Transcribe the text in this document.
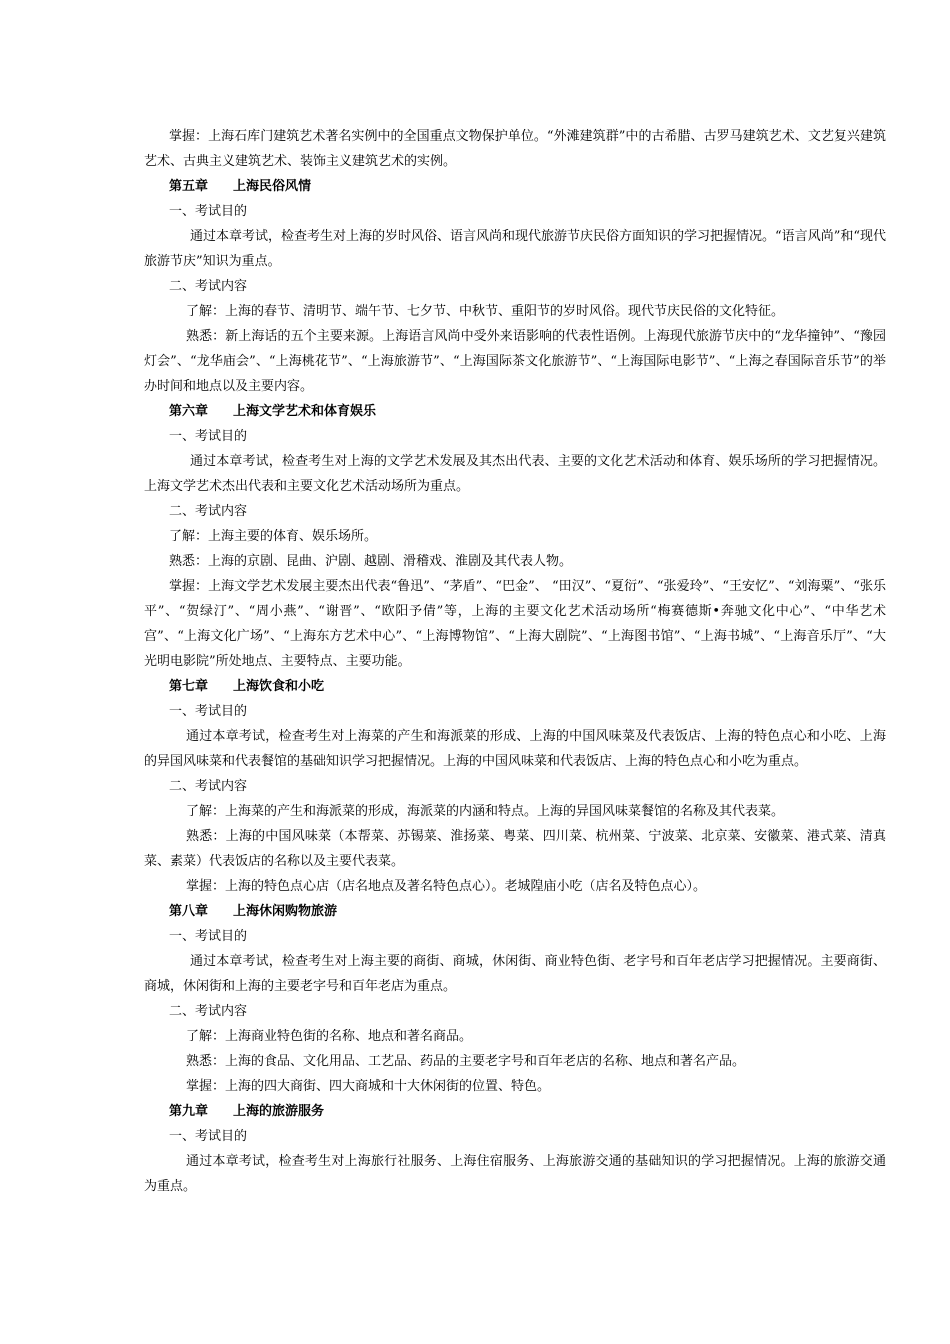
掌握：上海石库门建筑艺术著名实例中的全国重点文物保护单位。“外滩建筑群”中的古希腊、古罗马建筑艺术、文艺复兴建筑艺术、古典主义建筑艺术、装饰主义建筑艺术的实例。

第五章 上海民俗风情

一、考试目的

通过本章考试，检查考生对上海的岁时风俗、语言风尚和现代旅游节庆民俗方面知识的学习把握情况。“语言风尚”和“现代旅游节庆”知识为重点。

二、考试内容

了解：上海的春节、清明节、端午节、七夕节、中秋节、重阳节的岁时风俗。现代节庆民俗的文化特征。

熟悉：新上海话的五个主要来源。上海语言风尚中受外来语影响的代表性语例。上海现代旅游节庆中的“龙华撞钟”、“豫园灯会”、“龙华庙会”、“上海桃花节”、“上海旅游节”、“上海国际茶文化旅游节”、“上海国际电影节”、“上海之春国际音乐节”的举办时间和地点以及主要内容。

第六章 上海文学艺术和体育娱乐

一、考试目的

通过本章考试，检查考生对上海的文学艺术发展及其杰出代表、主要的文化艺术活动和体育、娱乐场所的学习把握情况。上海文学艺术杰出代表和主要文化艺术活动场所为重点。

二、考试内容

了解：上海主要的体育、娱乐场所。

熟悉：上海的京剧、昆曲、沪剧、越剧、滑稽戏、淮剧及其代表人物。

掌握：上海文学艺术发展主要杰出代表“鲁迅”、“茅盾”、“巴金”、 “田汉”、“夏衍”、“张爱玲”、“王安忆”、“刘海粟”、“张乐平”、“贺绿汀”、“周小燕”、“谢晋”、“欧阳予倩”等，上海的主要文化艺术活动场所“梅赛德斯•奔驰文化中心”、“中华艺术宫”、“上海文化广场”、“上海东方艺术中心”、“上海博物馆”、“上海大剧院”、“上海图书馆”、“上海书城”、“上海音乐厅”、“大光明电影院”所处地点、主要特点、主要功能。

第七章 上海饮食和小吃

一、考试目的

通过本章考试，检查考生对上海菜的产生和海派菜的形成、上海的中国风味菜及代表饭店、上海的特色点心和小吃、上海的异国风味菜和代表餐馆的基础知识学习把握情况。上海的中国风味菜和代表饭店、上海的特色点心和小吃为重点。

二、考试内容

了解：上海菜的产生和海派菜的形成，海派菜的内涵和特点。上海的异国风味菜餐馆的名称及其代表菜。

熟悉：上海的中国风味菜（本帮菜、苏锡菜、淮扬菜、粤菜、四川菜、杭州菜、宁波菜、北京菜、安徽菜、港式菜、清真菜、素菜）代表饭店的名称以及主要代表菜。

掌握：上海的特色点心店（店名地点及著名特色点心）。老城隍庙小吃（店名及特色点心）。

第八章 上海休闲购物旅游

一、考试目的

通过本章考试，检查考生对上海主要的商街、商城，休闲街、商业特色街、老字号和百年老店学习把握情况。主要商街、商城，休闲街和上海的主要老字号和百年老店为重点。

二、考试内容

了解：上海商业特色街的名称、地点和著名商品。

熟悉：上海的食品、文化用品、工艺品、药品的主要老字号和百年老店的名称、地点和著名产品。

掌握：上海的四大商街、四大商城和十大休闲街的位置、特色。

第九章 上海的旅游服务

一、考试目的

通过本章考试，检查考生对上海旅行社服务、上海住宿服务、上海旅游交通的基础知识的学习把握情况。上海的旅游交通为重点。
